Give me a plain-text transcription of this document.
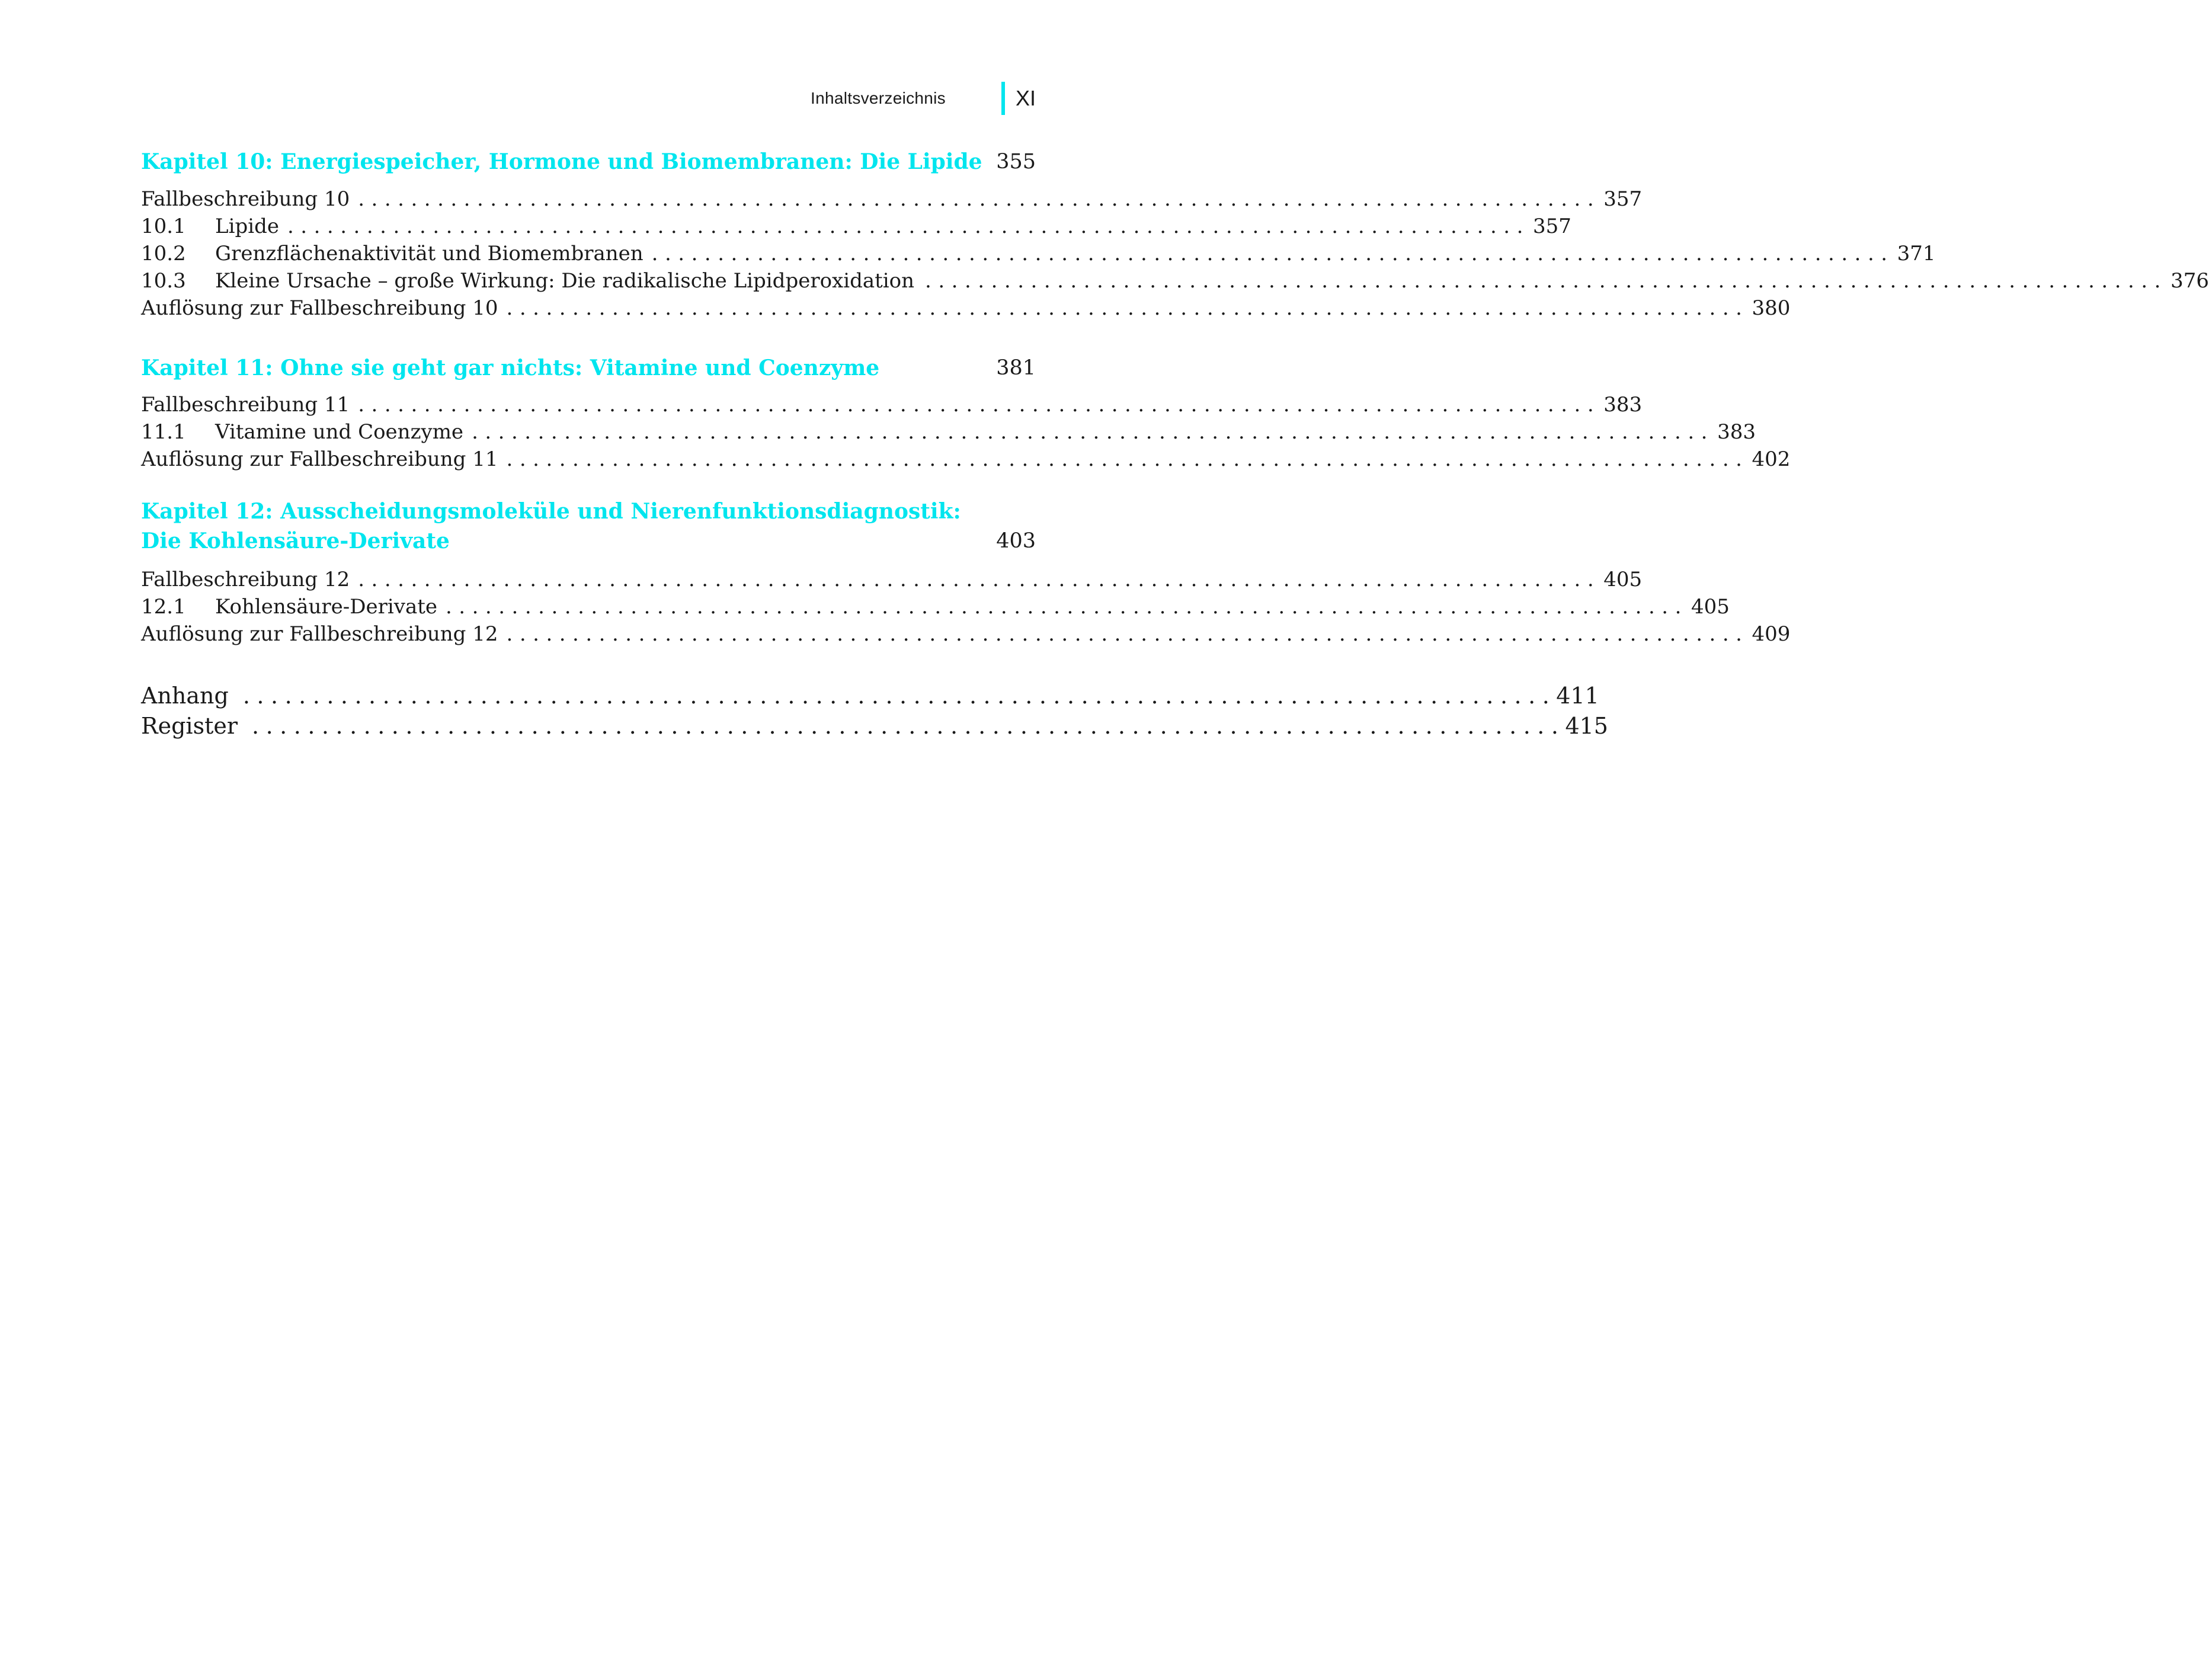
Inhaltsverzeichnis	XI
Kapitel 10: Energiespeicher, Hormone und Biomembranen: Die Lipide 355
Fallbeschreibung 10 .............................................................................................. 357
10.1	Lipide .............................................................................................. 357
10.2	Grenzflächenaktivität und Biomembranen .............................................................................................. 371
10.3	Kleine Ursache – große Wirkung: Die radikalische Lipidperoxidation .............................................................................................. 376
Auflösung zur Fallbeschreibung 10 .............................................................................................. 380
Kapitel 11: Ohne sie geht gar nichts: Vitamine und Coenzyme	381
Fallbeschreibung 11 .............................................................................................. 383
11.1	Vitamine und Coenzyme .............................................................................................. 383
Auflösung zur Fallbeschreibung 11 .............................................................................................. 402
Kapitel 12: Ausscheidungsmoleküle und Nierenfunktionsdiagnostik:
Die Kohlensäure-Derivate	403
Fallbeschreibung 12 .............................................................................................. 405
12.1	Kohlensäure-Derivate .............................................................................................. 405
Auflösung zur Fallbeschreibung 12 .............................................................................................. 409
Anhang .............................................................................................. 411
Register .............................................................................................. 415
